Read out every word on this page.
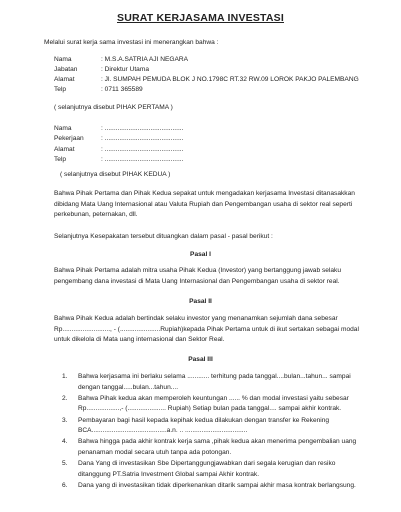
SURAT KERJASAMA INVESTASI
Melalui surat kerja sama investasi ini menerangkan bahwa :
Nama	: M.S.A.SATRIA AJI NEGARA
Jabatan	: Direktur Utama
Alamat	: Jl. SUMPAH PEMUDA BLOK J NO.1798C RT.32 RW.09 LOROK PAKJO PALEMBANG
Telp	: 0711 365589
( selanjutnya disebut PIHAK PERTAMA )
Nama	: ...........................................
Pekerjaan	: ...........................................
Alamat	: ...........................................
Telp	: ...........................................
( selanjutnya disebut PIHAK KEDUA )
Bahwa Pihak Pertama dan Pihak Kedua sepakat untuk mengadakan kerjasama Investasi ditanasakkan dibidang Mata Uang Internasional atau Valuta Rupiah dan Pengembangan usaha di sektor real seperti perkebunan, peternakan, dll.
Selanjutnya Kesepakatan tersebut dituangkan dalam pasal - pasal berikut :
Pasal I
Bahwa Pihak Pertama adalah mitra usaha Pihak Kedua (Investor) yang bertanggung jawab selaku pengembang dana investasi di Mata Uang Internasional dan Pengembangan usaha di sektor real.
Pasal II
Bahwa Pihak Kedua adalah bertindak selaku investor yang menanamkan sejumlah dana sebesar Rp.........................., - (......................Rupiah)kepada Pihak Pertama untuk di ikut sertakan sebagai modal untuk dikelola di Mata uang internasional dan Sektor Real.
Pasal III
1. Bahwa kerjasama ini berlaku selama ............ terhitung pada tanggal....bulan...tahun... sampai dengan tanggal.....bulan...tahun....
2. Bahwa Pihak kedua akan memperoleh keuntungan ...... % dan modal investasi yaitu sebesar Rp..................,- (..................... Rupiah) Setiap bulan pada tanggal.... sampai akhir kontrak.
3. Pembayaran bagi hasil kepada kepihak kedua dilakukan dengan transfer ke Rekening BCA.........................................a.n. .. ..................................
4. Bahwa hingga pada akhir kontrak kerja sama ,pihak kedua akan menerima pengembalian uang penanaman modal secara utuh tanpa ada potongan.
5. Dana Yang di investasikan Sbe Dipertanggungjawabkan dari segala kerugian dan resiko ditanggung PT.Satria Investment Global sampai Akhir kontrak.
6. Dana yang di investasikan tidak diperkenankan ditarik sampai akhir masa kontrak berlangsung.
